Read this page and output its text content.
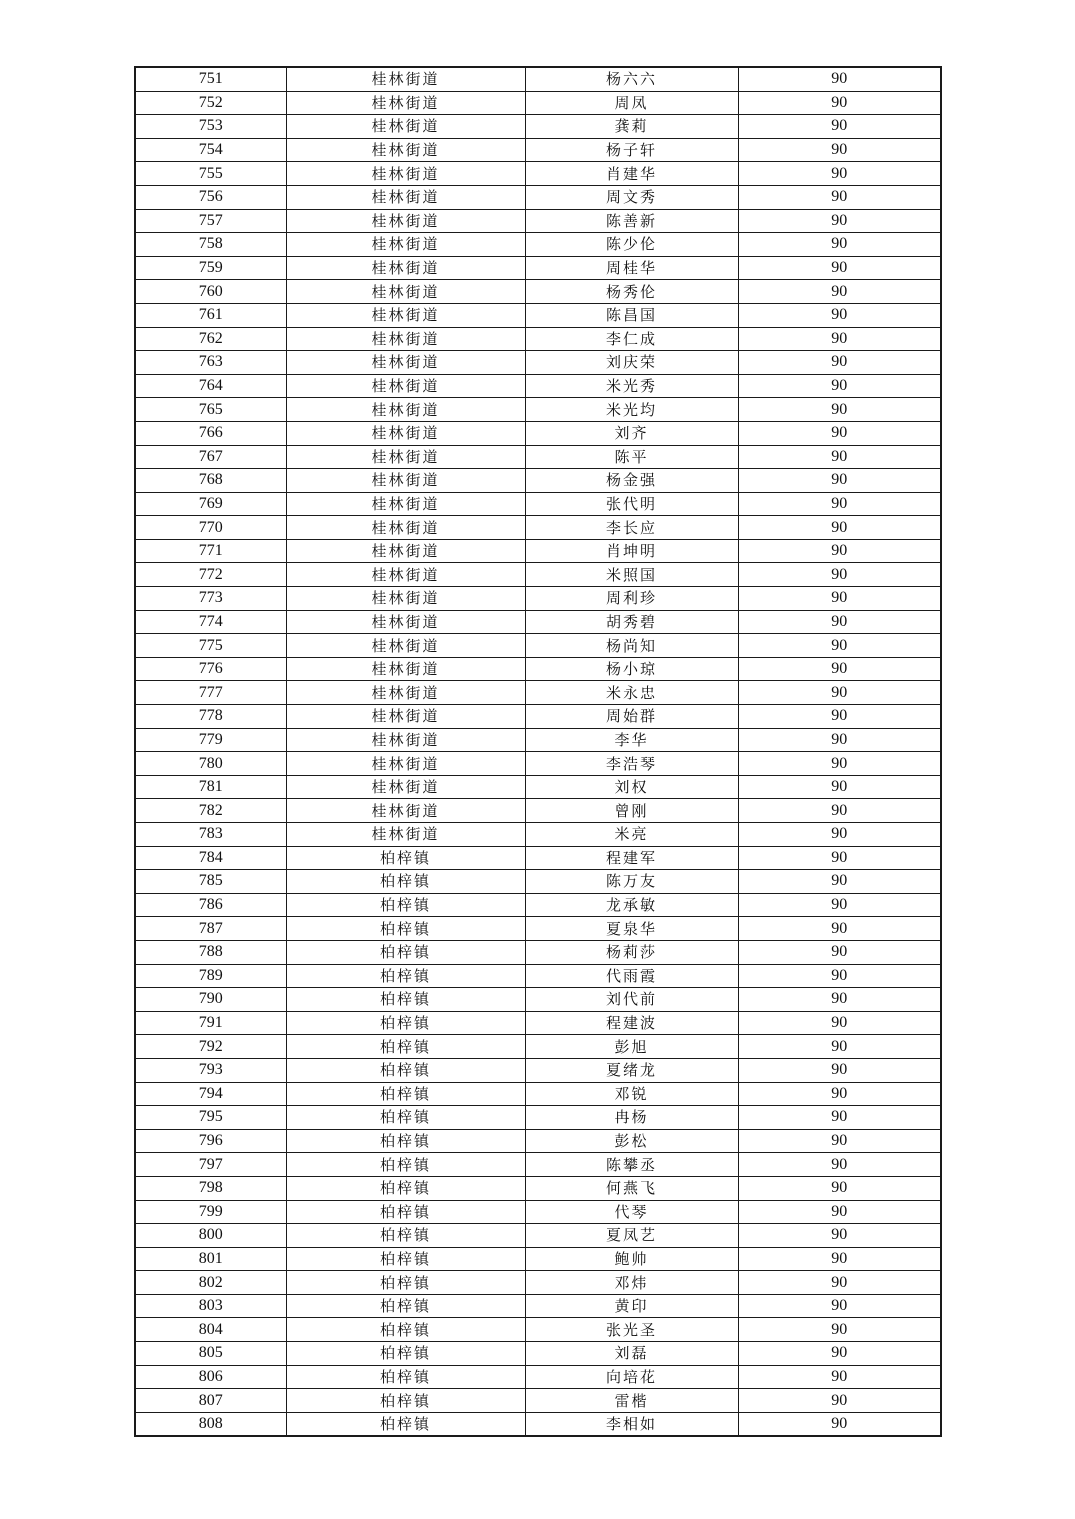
751	桂林街道	杨六六	90
752	桂林街道	周凤	90
753	桂林街道	龚莉	90
754	桂林街道	杨子轩	90
755	桂林街道	肖建华	90
756	桂林街道	周文秀	90
757	桂林街道	陈善新	90
758	桂林街道	陈少伦	90
759	桂林街道	周桂华	90
760	桂林街道	杨秀伦	90
761	桂林街道	陈昌国	90
762	桂林街道	李仁成	90
763	桂林街道	刘庆荣	90
764	桂林街道	米光秀	90
765	桂林街道	米光均	90
766	桂林街道	刘齐	90
767	桂林街道	陈平	90
768	桂林街道	杨金强	90
769	桂林街道	张代明	90
770	桂林街道	李长应	90
771	桂林街道	肖坤明	90
772	桂林街道	米照国	90
773	桂林街道	周利珍	90
774	桂林街道	胡秀碧	90
775	桂林街道	杨尚知	90
776	桂林街道	杨小琼	90
777	桂林街道	米永忠	90
778	桂林街道	周始群	90
779	桂林街道	李华	90
780	桂林街道	李浩琴	90
781	桂林街道	刘权	90
782	桂林街道	曾刚	90
783	桂林街道	米亮	90
784	柏梓镇	程建军	90
785	柏梓镇	陈万友	90
786	柏梓镇	龙承敏	90
787	柏梓镇	夏泉华	90
788	柏梓镇	杨莉莎	90
789	柏梓镇	代雨霞	90
790	柏梓镇	刘代前	90
791	柏梓镇	程建波	90
792	柏梓镇	彭旭	90
793	柏梓镇	夏绪龙	90
794	柏梓镇	邓锐	90
795	柏梓镇	冉杨	90
796	柏梓镇	彭松	90
797	柏梓镇	陈攀丞	90
798	柏梓镇	何燕飞	90
799	柏梓镇	代琴	90
800	柏梓镇	夏凤艺	90
801	柏梓镇	鲍帅	90
802	柏梓镇	邓炜	90
803	柏梓镇	黄印	90
804	柏梓镇	张光圣	90
805	柏梓镇	刘磊	90
806	柏梓镇	向培花	90
807	柏梓镇	雷楷	90
808	柏梓镇	李相如	90
